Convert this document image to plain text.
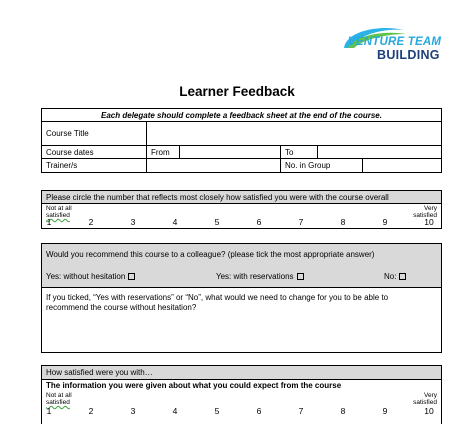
VENTURE TEAM
BUILDING
Learner Feedback
Each delegate should complete a feedback sheet at the end of the course.
Course Title
Course dates	From	To
Trainer/s	No. in Group
Please circle the number that reflects most closely how satisfied you were with the course overall
Not at all
satisfied
Very
satisfied
1	2	3	4	5	6	7	8	9	10
Would you recommend this course to a colleague? (please tick the most appropriate answer)
Yes: without hesitation	Yes: with reservations	No:
If you ticked, “Yes with reservations” or “No”, what would we need to change for you to be able to
recommend the course without hesitation?
How satisfied were you with…
The information you were given about what you could expect from the course
Not at all
satisfied
Very
satisfied
1	2	3	4	5	6	7	8	9	10
